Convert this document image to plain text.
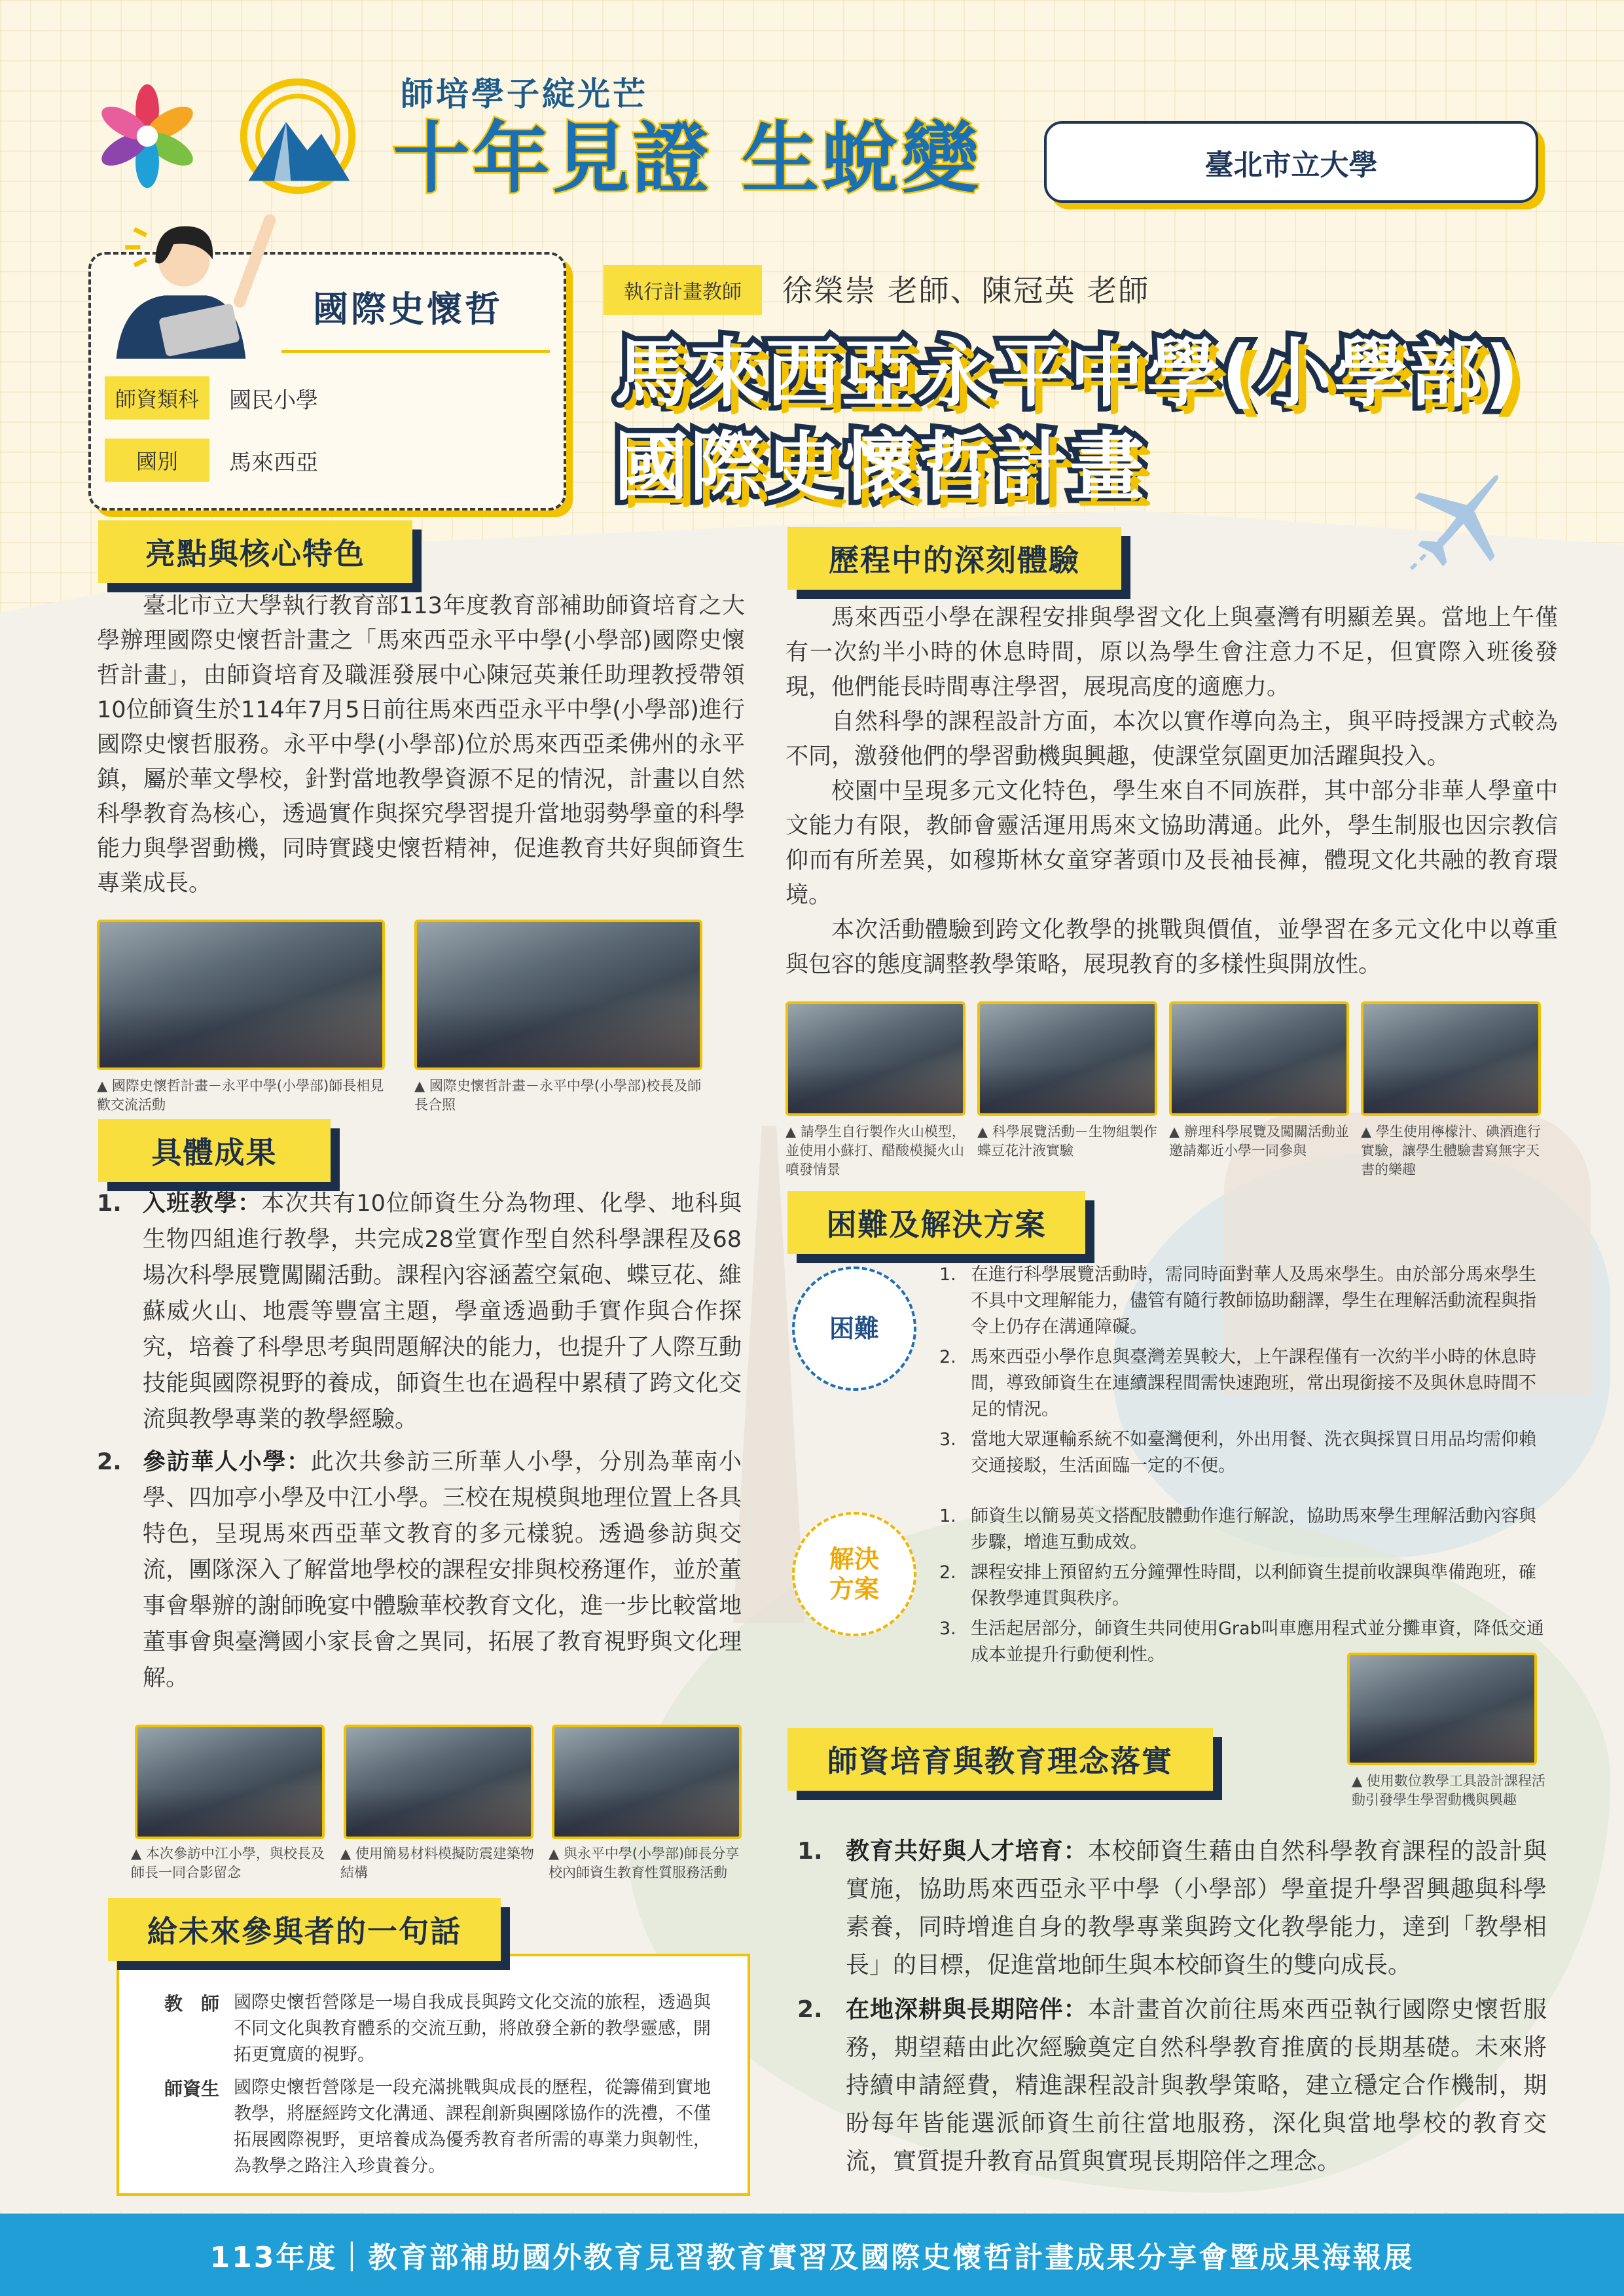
師培學子綻光芒
十年見證 生蛻變	臺北市立大學
國際史懷哲
師資類科	國民小學
國別	馬來西亞
執行計畫教師	徐榮崇 老師、陳冠英 老師
馬來西亞永平中學(小學部)
國際史懷哲計畫
亮點與核心特色

臺北市立大學執行教育部113年度教育部補助師資培育之大學辦理國際史懷哲計畫之「馬來西亞永平中學(小學部)國際史懷哲計畫」，由師資培育及職涯發展中心陳冠英兼任助理教授帶領10位師資生於114年7月5日前往馬來西亞永平中學(小學部)進行國際史懷哲服務。永平中學(小學部)位於馬來西亞柔佛州的永平鎮，屬於華文學校，針對當地教學資源不足的情況，計畫以自然科學教育為核心，透過實作與探究學習提升當地弱勢學童的科學能力與學習動機，同時實踐史懷哲精神，促進教育共好與師資生專業成長。

▲ 國際史懷哲計畫－永平中學(小學部)師長相見歡交流活動
▲ 國際史懷哲計畫－永平中學(小學部)校長及師長合照
具體成果
1. 入班教學：本次共有10位師資生分為物理、化學、地科與生物四組進行教學，共完成28堂實作型自然科學課程及68場次科學展覽闖關活動。課程內容涵蓋空氣砲、蝶豆花、維蘇威火山、地震等豐富主題，學童透過動手實作與合作探究，培養了科學思考與問題解決的能力，也提升了人際互動技能與國際視野的養成，師資生也在過程中累積了跨文化交流與教學專業的教學經驗。
2. 參訪華人小學：此次共參訪三所華人小學，分別為華南小學、四加亭小學及中江小學。三校在規模與地理位置上各具特色，呈現馬來西亞華文教育的多元樣貌。透過參訪與交流，團隊深入了解當地學校的課程安排與校務運作，並於董事會舉辦的謝師晚宴中體驗華校教育文化，進一步比較當地董事會與臺灣國小家長會之異同，拓展了教育視野與文化理解。
▲ 本次參訪中江小學，與校長及師長一同合影留念
▲ 使用簡易材料模擬防震建築物結構
▲ 與永平中學(小學部)師長分享校內師資生教育性質服務活動
給未來參與者的一句話
教　師 國際史懷哲營隊是一場自我成長與跨文化交流的旅程，透過與不同文化與教育體系的交流互動，將啟發全新的教學靈感，開拓更寬廣的視野。
師資生 國際史懷哲營隊是一段充滿挑戰與成長的歷程，從籌備到實地教學，將歷經跨文化溝通、課程創新與團隊協作的洗禮，不僅拓展國際視野，更培養成為優秀教育者所需的專業力與韌性，為教學之路注入珍貴養分。
歷程中的深刻體驗

馬來西亞小學在課程安排與學習文化上與臺灣有明顯差異。當地上午僅有一次約半小時的休息時間，原以為學生會注意力不足，但實際入班後發現，他們能長時間專注學習，展現高度的適應力。

自然科學的課程設計方面，本次以實作導向為主，與平時授課方式較為不同，激發他們的學習動機與興趣，使課堂氛圍更加活躍與投入。

校園中呈現多元文化特色，學生來自不同族群，其中部分非華人學童中文能力有限，教師會靈活運用馬來文協助溝通。此外，學生制服也因宗教信仰而有所差異，如穆斯林女童穿著頭巾及長袖長褲，體現文化共融的教育環境。

本次活動體驗到跨文化教學的挑戰與價值，並學習在多元文化中以尊重與包容的態度調整教學策略，展現教育的多樣性與開放性。

▲ 請學生自行製作火山模型，並使用小蘇打、醋酸模擬火山噴發情景
▲ 科學展覽活動－生物組製作蝶豆花汁液實驗
▲ 辦理科學展覽及闖關活動並邀請鄰近小學一同參與
▲ 學生使用檸檬汁、碘酒進行實驗，讓學生體驗書寫無字天書的樂趣
困難及解決方案
困難
1. 在進行科學展覽活動時，需同時面對華人及馬來學生。由於部分馬來學生不具中文理解能力，儘管有隨行教師協助翻譯，學生在理解活動流程與指令上仍存在溝通障礙。
2. 馬來西亞小學作息與臺灣差異較大，上午課程僅有一次約半小時的休息時間，導致師資生在連續課程間需快速跑班，常出現銜接不及與休息時間不足的情況。
3. 當地大眾運輸系統不如臺灣便利，外出用餐、洗衣與採買日用品均需仰賴交通接駁，生活面臨一定的不便。
解決
方案
1. 師資生以簡易英文搭配肢體動作進行解說，協助馬來學生理解活動內容與步驟，增進互動成效。
2. 課程安排上預留約五分鐘彈性時間，以利師資生提前收課與準備跑班，確保教學連貫與秩序。
3. 生活起居部分，師資生共同使用Grab叫車應用程式並分攤車資，降低交通成本並提升行動便利性。
▲ 使用數位教學工具設計課程活動引發學生學習動機與興趣
師資培育與教育理念落實
1. 教育共好與人才培育：本校師資生藉由自然科學教育課程的設計與實施，協助馬來西亞永平中學（小學部）學童提升學習興趣與科學素養，同時增進自身的教學專業與跨文化教學能力，達到「教學相長」的目標，促進當地師生與本校師資生的雙向成長。
2. 在地深耕與長期陪伴：本計畫首次前往馬來西亞執行國際史懷哲服務，期望藉由此次經驗奠定自然科學教育推廣的長期基礎。未來將持續申請經費，精進課程設計與教學策略，建立穩定合作機制，期盼每年皆能選派師資生前往當地服務，深化與當地學校的教育交流，實質提升教育品質與實現長期陪伴之理念。
113年度｜教育部補助國外教育見習教育實習及國際史懷哲計畫成果分享會暨成果海報展
